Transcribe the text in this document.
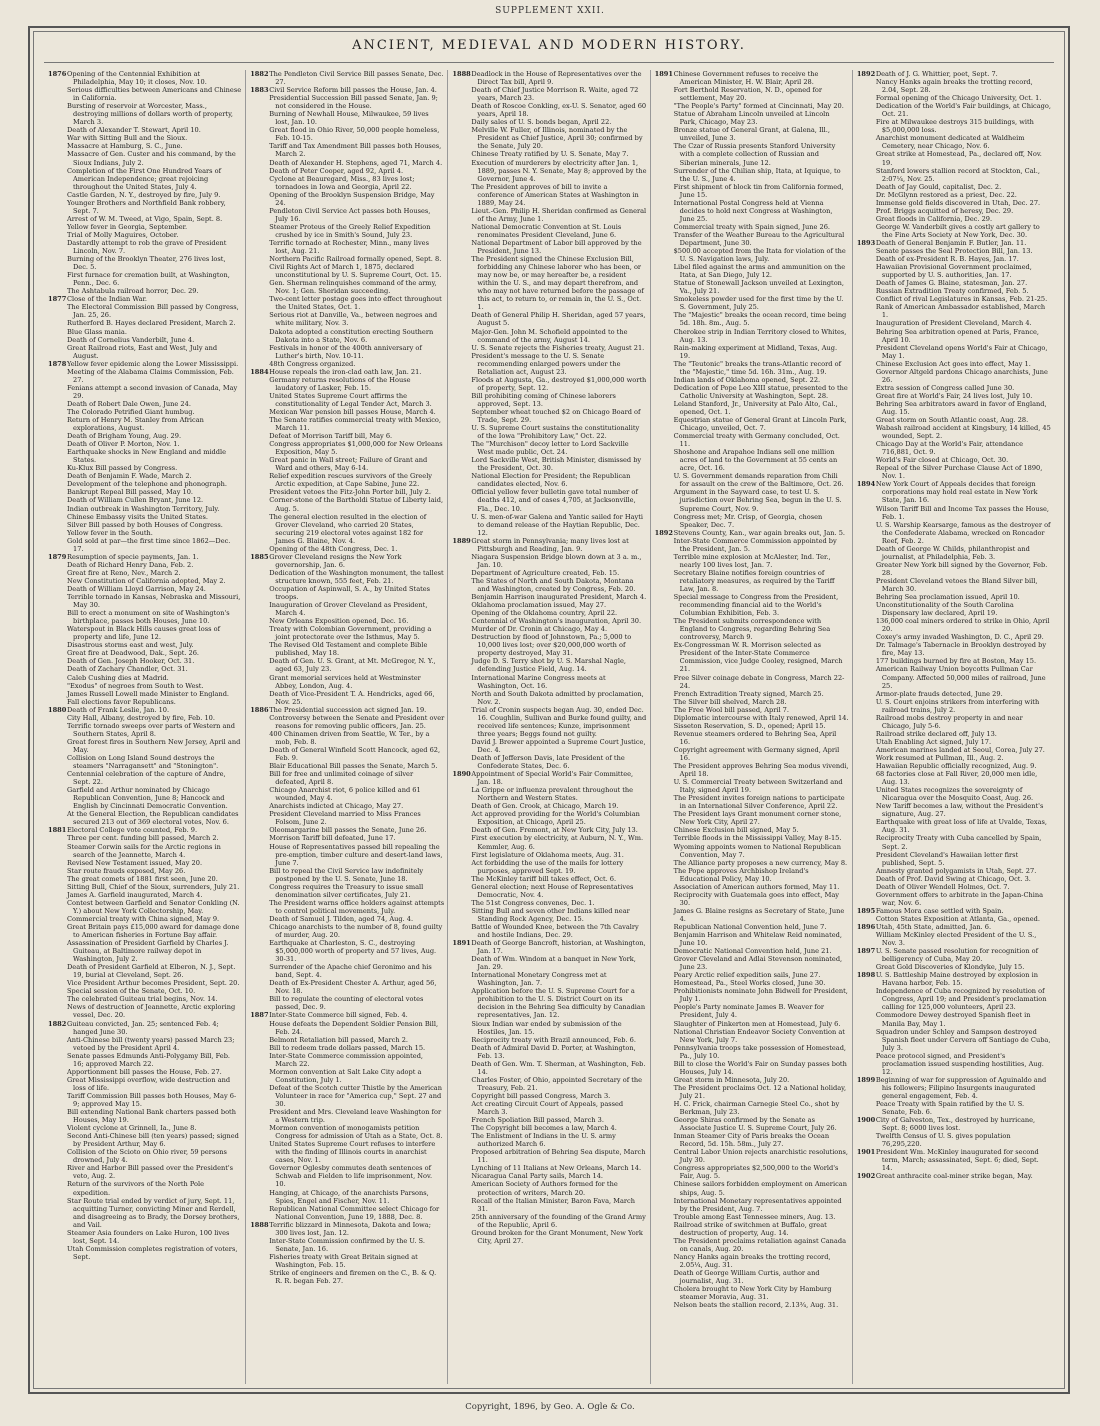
SUPPLEMENT XXII.
ANCIENT, MEDIEVAL AND MODERN HISTORY.
1876 Opening of the Centennial Exhibition at Philadelphia, May 10; it closes, Nov. 10.
Serious difficulties between Americans and Chinese in California.
Bursting of reservoir at Worcester, Mass., destroying millions of dollars worth of property, March 3.
Death of Alexander T. Stewart, April 10.
War with Sitting Bull and the Sioux.
Massacre at Hamburg, S. C., June.
Massacre of Gen. Custer and his command, by the Sioux Indians, July 2.
Completion of the First One Hundred Years of American Independence; great rejoicing throughout the United States, July 4.
Castle Garden, N. Y., destroyed by fire, July 9.
Younger Brothers and Northfield Bank robbery, Sept. 7.
Arrest of W. M. Tweed, at Vigo, Spain, Sept. 8.
Yellow fever in Georgia, September.
Trial of Molly Maguires, October.
Dastardly attempt to rob the grave of President Lincoln, Nov. 7.
Burning of the Brooklyn Theater, 276 lives lost, Dec. 5.
First furnace for cremation built, at Washington, Penn., Dec. 6.
The Ashtabula railroad horror, Dec. 29.
1877 Close of the Indian War.
The Electoral Commission Bill passed by Congress, Jan. 25, 26.
Rutherford B. Hayes declared President, March 2.
Blue Glass mania.
Death of Cornelius Vanderbilt, June 4.
Great Railroad riots, East and West, July and August.
1878 Yellow fever epidemic along the Lower Mississippi.
Meeting of the Alabama Claims Commission, Feb. 27.
Fenians attempt a second invasion of Canada, May 29.
Death of Robert Dale Owen, June 24.
The Colorado Petrified Giant humbug.
Return of Henry M. Stanley from African explorations, August.
Death of Brigham Young, Aug. 29.
Death of Oliver P. Morton, Nov. 1.
Earthquake shocks in New England and middle States.
Ku-Klux Bill passed by Congress.
Death of Benjamin F. Wade, March 2.
Development of the telephone and phonograph.
Bankrupt Repeal Bill passed, May 10.
Death of William Cullen Bryant, June 12.
Indian outbreak in Washington Territory, July.
Chinese Embassy visits the United States.
Silver Bill passed by both Houses of Congress.
Yellow fever in the South.
Gold sold at par—the first time since 1862—Dec. 17.
1879 Resumption of specie payments, Jan. 1.
Death of Richard Henry Dana, Feb. 2.
Great fire at Reno, Nev., March 2.
New Constitution of California adopted, May 2.
Death of William Lloyd Garrison, May 24.
Terrible tornado in Kansas, Nebraska and Missouri, May 30.
Bill to erect a monument on site of Washington's birthplace, passes both Houses, June 10.
Waterspout in Black Hills causes great loss of property and life, June 12.
Disastrous storms east and west, July.
Great fire at Deadwood, Dak., Sept. 26.
Death of Gen. Joseph Hooker, Oct. 31.
Death of Zachary Chandler, Oct. 31.
Caleb Cushing dies at Madrid.
"Exodus" of negroes from South to West.
James Russell Lowell made Minister to England.
Fall elections favor Republicans.
1880 Death of Frank Leslie, Jan. 10.
City Hall, Albany, destroyed by fire, Feb. 10.
Terrific tornado sweeps over parts of Western and Southern States, April 8.
Great forest fires in Southern New Jersey, April and May.
Collision on Long Island Sound destroys the steamers "Narragansett" and "Stonington".
Centennial celebration of the capture of Andre, Sept. 22.
Garfield and Arthur nominated by Chicago Republican Convention, June 8; Hancock and English by Cincinnati Democratic Convention.
At the General Election, the Republican candidates secured 213 out of 369 electoral votes, Nov. 6.
1881 Electoral College vote counted, Feb. 9.
Three per cent. funding bill passed, March 2.
Steamer Corwin sails for the Arctic regions in search of the Jeannette, March 4.
Revised New Testament issued, May 20.
Star route frauds exposed, May 26.
The great comets of 1881 first seen, June 20.
Sitting Bull, Chief of the Sioux, surrenders, July 21.
James A. Garfield inaugurated, March 4.
Contest between Garfield and Senator Conkling (N. Y.) about New York Collectorship, May.
Commercial treaty with China signed, May 9.
Great Britain pays £15,000 award for damage done to American fisheries in Fortune Bay affair.
Assassination of President Garfield by Charles J. Guiteau, at Baltimore railway depot in Washington, July 2.
Death of President Garfield at Elberon, N. J., Sept. 19, burial at Cleveland, Sept. 26.
Vice President Arthur becomes President, Sept. 20.
Special session of the Senate, Oct. 10.
The celebrated Guiteau trial begins, Nov. 14.
News of destruction of Jeannette, Arctic exploring vessel, Dec. 20.
1882 Guiteau convicted, Jan. 25; sentenced Feb. 4; hanged June 30.
Anti-Chinese bill (twenty years) passed March 23; vetoed by the President April 4.
Senate passes Edmunds Anti-Polygamy Bill, Feb. 16; approved March 22.
Apportionment bill passes the House, Feb. 27.
Great Mississippi overflow, wide destruction and loss of life.
Tariff Commission Bill passes both Houses, May 6-9; approved May 15.
Bill extending National Bank charters passed both Houses, May 19.
Violent cyclone at Grinnell, Ia., June 8.
Second Anti-Chinese bill (ten years) passed; signed by President Arthur, May 6.
Collision of the Scioto on Ohio river, 59 persons drowned, July 4.
River and Harbor Bill passed over the President's veto, Aug. 2.
Return of the survivors of the North Pole expedition.
Star Route trial ended by verdict of jury, Sept. 11, acquitting Turner, convicting Miner and Rerdell, and disagreeing as to Brady, the Dorsey brothers, and Vail.
Steamer Asia founders on Lake Huron, 100 lives lost, Sept. 14.
Utah Commission completes registration of voters, Sept.
1882 The Pendleton Civil Service Bill passes Senate, Dec. 27.
1883 Civil Service Reform bill passes the House, Jan. 4.
Presidential Succession Bill passed Senate, Jan. 9; not considered in the House.
Burning of Newhall House, Milwaukee, 59 lives lost, Jan. 10.
Great flood in Ohio River, 50,000 people homeless, Feb. 10-15.
Tariff and Tax Amendment Bill passes both Houses, March 2.
Death of Alexander H. Stephens, aged 71, March 4.
Death of Peter Cooper, aged 92, April 4.
Cyclone at Beauregard, Miss., 83 lives lost; tornadoes in Iowa and Georgia, April 22.
Opening of the Brooklyn Suspension Bridge, May 24.
Pendleton Civil Service Act passes both Houses, July 16.
Steamer Proteus of the Greely Relief Expedition crushed by ice in Smith's Sound, July 23.
Terrific tornado at Rochester, Minn., many lives lost, Aug. 21.
Northern Pacific Railroad formally opened, Sept. 8.
Civil Rights Act of March 1, 1875, declared unconstitutional by U. S. Supreme Court, Oct. 15.
Gen. Sherman relinquishes command of the army, Nov. 1; Gen. Sheridan succeeding.
Two-cent letter postage goes into effect throughout the United States, Oct. 1.
Serious riot at Danville, Va., between negroes and white military, Nov. 3.
Dakota adopted a constitution erecting Southern Dakota into a State, Nov. 6.
Festivals in honor of the 400th anniversary of Luther's birth, Nov. 10-11.
48th Congress organized.
1884 House repeals the iron-clad oath law, Jan. 21.
Germany returns resolutions of the House laudatory of Lasker, Feb. 15.
United States Supreme Court affirms the constitutionality of Legal Tender Act, March 3.
Mexican War pension bill passes House, March 4.
The Senate ratifies commercial treaty with Mexico, March 11.
Defeat of Morrison Tariff bill, May 6.
Congress appropriates $1,000,000 for New Orleans Exposition, May 5.
Great panic in Wall street; Failure of Grant and Ward and others, May 6-14.
Relief expedition rescues survivors of the Greely Arctic expedition, at Cape Sabine, June 22.
President vetoes the Fitz-John Porter bill, July 2.
Corner-stone of the Bartholdi Statue of Liberty laid, Aug. 5.
The general election resulted in the election of Grover Cleveland, who carried 20 States, securing 219 electoral votes against 182 for James G. Blaine, Nov. 4.
Opening of the 48th Congress, Dec. 1.
1885 Grover Cleveland resigns the New York governorship, Jan. 6.
Dedication of the Washington monument, the tallest structure known, 555 feet, Feb. 21.
Occupation of Aspinwall, S. A., by United States troops.
Inauguration of Grover Cleveland as President, March 4.
New Orleans Exposition opened, Dec. 16.
Treaty with Colombian Government, providing a joint protectorate over the Isthmus, May 5.
The Revised Old Testament and complete Bible published, May 18.
Death of Gen. U. S. Grant, at Mt. McGregor, N. Y., aged 63, July 23.
Grant memorial services held at Westminster Abbey, London, Aug. 4.
Death of Vice-President T. A. Hendricks, aged 66, Nov. 25.
1886 The Presidential succession act signed Jan. 19.
Controversy between the Senate and President over reasons for removing public officers, Jan. 25.
400 Chinamen driven from Seattle, W. Ter., by a mob, Feb. 8.
Death of General Winfield Scott Hancock, aged 62, Feb. 9.
Blair Educational Bill passes the Senate, March 5.
Bill for free and unlimited coinage of silver defeated, April 8.
Chicago Anarchist riot, 6 police killed and 61 wounded, May 4.
Anarchists indicted at Chicago, May 27.
President Cleveland married to Miss Frances Folsom, June 2.
Oleomargarine bill passes the Senate, June 26.
Morrison Tariff bill defeated, June 17.
House of Representatives passed bill repealing the pre-emption, timber culture and desert-land laws, June 7.
Bill to repeal the Civil Service law indefinitely postponed by the U. S. Senate, June 18.
Congress requires the Treasury to issue small denomination silver certificates, July 21.
The President warns office holders against attempts to control political movements, July.
Death of Samuel J. Tilden, aged 74, Aug. 4.
Chicago anarchists to the number of 8, found guilty of murder, Aug. 20.
Earthquake at Charleston, S. C., destroying $5,000,000 worth of property and 57 lives, Aug. 30-31.
Surrender of the Apache chief Geronimo and his band, Sept. 4.
Death of Ex-President Chester A. Arthur, aged 56, Nov. 18.
Bill to regulate the counting of electoral votes passed, Dec. 9.
1887 Inter-State Commerce bill signed, Feb. 4.
House defeats the Dependent Soldier Pension Bill, Feb. 24.
Belmont Retaliation bill passed, March 2.
Bill to redeem trade dollars passed, March 15.
Inter-State Commerce commission appointed, March 22.
Mormon convention at Salt Lake City adopt a Constitution, July 1.
Defeat of the Scotch cutter Thistle by the American Volunteer in race for "America cup," Sept. 27 and 30.
President and Mrs. Cleveland leave Washington for a Western trip.
Mormon convention of monogamists petition Congress for admission of Utah as a State, Oct. 8.
United States Supreme Court refuses to interfere with the finding of Illinois courts in anarchist cases, Nov. 1.
Governor Oglesby commutes death sentences of Schwab and Fielden to life imprisonment, Nov. 10.
Hanging, at Chicago, of the anarchists Parsons, Spies, Engel and Fischer, Nov. 11.
Republican National Committee select Chicago for National Convention, June 19, 1888, Dec. 8.
1888 Terrific blizzard in Minnesota, Dakota and Iowa; 300 lives lost, Jan. 12.
Inter-State Commission confirmed by the U. S. Senate, Jan. 16.
Fisheries treaty with Great Britain signed at Washington, Feb. 15.
Strike of engineers and firemen on the C., B. & Q. R. R. began Feb. 27.
1888 Deadlock in the House of Representatives over the Direct Tax bill, April 9.
Death of Chief Justice Morrison R. Waite, aged 72 years, March 23.
Death of Roscoe Conkling, ex-U. S. Senator, aged 60 years, April 18.
Daily sales of U. S. bonds began, April 22.
Melville W. Fuller, of Illinois, nominated by the President as Chief Justice, April 30; confirmed by the Senate, July 20.
Chinese Treaty ratified by U. S. Senate, May 7.
Execution of murderers by electricity after Jan. 1, 1889, passes N. Y. Senate, May 8; approved by the Governor, June 4.
The President approves of bill to invite a conference of American States at Washington in 1889, May 24.
Lieut.-Gen. Philip H. Sheridan confirmed as General of the Army, June 1.
National Democratic Convention at St. Louis renominates President Cleveland, June 6.
National Department of Labor bill approved by the President, June 13.
The President signed the Chinese Exclusion Bill, forbidding any Chinese laborer who has been, or may now be, or may hereafter be, a resident within the U. S., and may depart therefrom, and who may not have returned before the passage of this act, to return to, or remain in, the U. S., Oct. 1.
Death of General Philip H. Sheridan, aged 57 years, August 5.
Major-Gen. John M. Schofield appointed to the command of the army, August 14.
U. S. Senate rejects the Fisheries treaty, August 21.
President's message to the U. S. Senate recommending enlarged powers under the Retaliation act, August 23.
Floods at Augusta, Ga., destroyed $1,000,000 worth of property, Sept. 12.
Bill prohibiting coming of Chinese laborers approved, Sept. 13.
September wheat touched $2 on Chicago Board of Trade, Sept. 29.
U. S. Supreme Court sustains the constitutionality of the Iowa "Prohibitory Law," Oct. 22.
The "Murchison" decoy letter to Lord Sackville West made public, Oct. 24.
Lord Sackville West, British Minister, dismissed by the President, Oct. 30.
National Election for President; the Republican candidates elected, Nov. 6.
Official yellow fever bulletin gave total number of deaths 412, and of cases 4,705, at Jacksonville, Fla., Dec. 10.
U. S. men-of-war Galena and Yantic sailed for Hayti to demand release of the Haytian Republic, Dec. 12.
1889 Great storm in Pennsylvania; many lives lost at Pittsburgh and Reading, Jan. 9.
Niagara Suspension Bridge blown down at 3 a. m., Jan. 10.
Department of Agriculture created, Feb. 15.
The States of North and South Dakota, Montana and Washington, created by Congress, Feb. 20.
Benjamin Harrison inaugurated President, March 4.
Oklahoma proclamation issued, May 27.
Opening of the Oklahoma country, April 22.
Centennial of Washington's inauguration, April 30.
Murder of Dr. Cronin at Chicago, May 4.
Destruction by flood of Johnstown, Pa.; 5,000 to 10,000 lives lost; over $20,000,000 worth of property destroyed, May 31.
Judge D. S. Terry shot by U. S. Marshal Nagle, defending Justice Field, Aug. 14.
International Marine Congress meets at Washington, Oct. 16.
North and South Dakota admitted by proclamation, Nov. 2.
Trial of Cronin suspects began Aug. 30, ended Dec. 16. Coughlin, Sullivan and Burke found guilty, and received life sentences; Kunze, imprisonment three years; Beggs found not guilty.
David J. Brewer appointed a Supreme Court Justice, Dec. 4.
Death of Jefferson Davis, late President of the Confederate States, Dec. 6.
1890 Appointment of Special World's Fair Committee, Jan. 18.
La Grippe or influenza prevalent throughout the Northern and Western States.
Death of Gen. Crook, at Chicago, March 19.
Act approved providing for the World's Columbian Exposition, at Chicago, April 25.
Death of Gen. Fremont, at New York City, July 13.
First execution by electricity, at Auburn, N. Y., Wm. Kemmler, Aug. 6.
First legislature of Oklahoma meets, Aug. 31.
Act forbidding the use of the mails for lottery purposes, approved Sept. 19.
The McKinley tariff bill takes effect, Oct. 6.
General election; next House of Representatives Democratic, Nov. 4.
The 51st Congress convenes, Dec. 1.
Sitting Bull and seven other Indians killed near Standing Rock Agency, Dec. 15.
Battle of Wounded Knee, between the 7th Cavalry and hostile Indians, Dec. 29.
1891 Death of George Bancroft, historian, at Washington, Jan. 17.
Death of Wm. Windom at a banquet in New York, Jan. 29.
International Monetary Congress met at Washington, Jan. 7.
Application before the U. S. Supreme Court for a prohibition to the U. S. District Court on its decision in the Behring Sea difficulty by Canadian representatives, Jan. 12.
Sioux Indian war ended by submission of the Hostiles, Jan. 15.
Reciprocity treaty with Brazil announced, Feb. 6.
Death of Admiral David D. Porter, at Washington, Feb. 13.
Death of Gen. Wm. T. Sherman, at Washington, Feb. 14.
Charles Foster, of Ohio, appointed Secretary of the Treasury, Feb. 21.
Copyright bill passed Congress, March 3.
Act creating Circuit Court of Appeals, passed March 3.
French Spoliation Bill passed, March 3.
The Copyright bill becomes a law, March 4.
The Enlistment of Indians in the U. S. army authorized March 6.
Proposed arbitration of Behring Sea dispute, March 11.
Lynching of 11 Italians at New Orleans, March 14.
Nicaragua Canal Party sails, March 14.
American Society of Authors formed for the protection of writers, March 20.
Recall of the Italian Minister, Baron Fava, March 31.
25th anniversary of the founding of the Grand Army of the Republic, April 6.
Ground broken for the Grant Monument, New York City, April 27.
1891 Chinese Government refuses to receive the American Minister, H. W. Blair, April 28.
Fort Berthold Reservation, N. D., opened for settlement, May 20.
"The People's Party" formed at Cincinnati, May 20.
Statue of Abraham Lincoln unveiled at Lincoln Park, Chicago, May 23.
Bronze statue of General Grant, at Galena, Ill., unveiled, June 3.
The Czar of Russia presents Stanford University with a complete collection of Russian and Siberian minerals, June 12.
Surrender of the Chilian ship, Itata, at Iquique, to the U. S., June 4.
First shipment of block tin from California formed, June 15.
International Postal Congress held at Vienna decides to hold next Congress at Washington, June 25.
Commercial treaty with Spain signed, June 26.
Transfer of the Weather Bureau to the Agricultural Department, June 30.
$500.00 accepted from the Itata for violation of the U. S. Navigation laws, July.
Libel filed against the arms and ammunition on the Itata, at San Diego, July 12.
Statue of Stonewall Jackson unveiled at Lexington, Va., July 21.
Smokeless powder used for the first time by the U. S. Government, July 25.
The "Majestic" breaks the ocean record, time being 5d. 18h. 8m., Aug. 5.
Cherokee strip in Indian Territory closed to Whites, Aug. 13.
Rain-making experiment at Midland, Texas, Aug. 19.
The "Teutonic" breaks the trans-Atlantic record of the "Majestic," time 5d. 16h. 31m., Aug. 19.
Indian lands of Oklahoma opened, Sept. 22.
Dedication of Pope Leo XIII statue, presented to the Catholic University at Washington, Sept. 28.
Leland Stanford, Jr., University at Palo Alto, Cal., opened, Oct. 1.
Equestrian statue of General Grant at Lincoln Park, Chicago, unveiled, Oct. 7.
Commercial treaty with Germany concluded, Oct. 11.
Shoshone and Arapahoe Indians sell one million acres of land to the Government at 55 cents an acre, Oct. 16.
U. S. Government demands reparation from Chili for assault on the crew of the Baltimore, Oct. 26.
Argument in the Sayward case, to test U. S. jurisdiction over Behring Sea, begun in the U. S. Supreme Court, Nov. 9.
Congress met; Mr. Crisp, of Georgia, chosen Speaker, Dec. 7.
1892 Stevens County, Kan., war again breaks out, Jan. 5.
Inter-State Commerce Commission appointed by the President, Jan. 5.
Terrible mine explosion at McAlester, Ind. Ter., nearly 100 lives lost, Jan. 7.
Secretary Blaine notifies foreign countries of retaliatory measures, as required by the Tariff Law, Jan. 8.
Special message to Congress from the President, recommending financial aid to the World's Columbian Exhibition, Feb. 3.
The President submits correspondence with England to Congress, regarding Behring Sea controversy, March 9.
Ex-Congressman W. R. Morrison selected as President of the Inter-State Commerce Commission, vice Judge Cooley, resigned, March 21.
Free Silver coinage debate in Congress, March 22-24.
French Extradition Treaty signed, March 25.
The Silver bill shelved, March 28.
The Free Wool bill passed, April 7.
Diplomatic intercourse with Italy renewed, April 14.
Sisseton Reservation, S. D., opened; April 15.
Revenue steamers ordered to Behring Sea, April 16.
Copyright agreement with Germany signed, April 16.
The President approves Behring Sea modus vivendi, April 18.
U. S. Commercial Treaty between Switzerland and Italy, signed April 19.
The President invites foreign nations to participate in an International Silver Conference, April 22.
The President lays Grant monument corner stone, New York City, April 27.
Chinese Exclusion bill signed, May 5.
Terrible floods in the Mississippi Valley, May 8-15.
Wyoming appoints women to National Republican Convention, May 7.
The Alliance party proposes a new currency, May 8.
The Pope approves Archbishop Ireland's Educational Policy, May 10.
Association of American authors formed, May 11.
Reciprocity with Guatemala goes into effect, May 30.
James G. Blaine resigns as Secretary of State, June 4.
Republican National Convention held, June 7.
Benjamin Harrison and Whitelaw Reid nominated, June 10.
Democratic National Convention held, June 21.
Grover Cleveland and Adlai Stevenson nominated, June 23.
Peary Arctic relief expedition sails, June 27.
Homestead, Pa., Steel Works closed, June 30.
Prohibitionists nominate John Bidwell for President, July 1.
People's Party nominate James B. Weaver for President, July 4.
Slaughter of Pinkerton men at Homestead, July 6.
National Christian Endeavor Society Convention at New York, July 7.
Pennsylvania troops take possession of Homestead, Pa., July 10.
Bill to close the World's Fair on Sunday passes both Houses, July 14.
Great storm in Minnesota, July 20.
The President proclaims Oct. 12 a National holiday, July 21.
H. C. Frick, chairman Carnegie Steel Co., shot by Berkman, July 23.
George Shiras confirmed by the Senate as Associate Justice U. S. Supreme Court, July 26.
Inman Steamer City of Paris breaks the Ocean Record, 5d. 15h. 58m., July 27.
Central Labor Union rejects anarchistic resolutions, July 30.
Congress appropriates $2,500,000 to the World's Fair, Aug. 5.
Chinese sailors forbidden employment on American ships, Aug. 5.
International Monetary representatives appointed by the President, Aug. 7.
Trouble among East Tennessee miners, Aug. 13.
Railroad strike of switchmen at Buffalo, great destruction of property, Aug. 14.
The President proclaims retaliation against Canada on canals, Aug. 20.
Nancy Hanks again breaks the trotting record, 2.05¼, Aug. 31.
Death of George William Curtis, author and journalist, Aug. 31.
Cholera brought to New York City by Hamburg steamer Moravia, Aug. 31.
Nelson beats the stallion record, 2.13¾, Aug. 31.
1892 Death of J. G. Whittier, poet, Sept. 7.
Nancy Hanks again breaks the trotting record, 2.04, Sept. 28.
Formal opening of the Chicago University, Oct. 1.
Dedication of the World's Fair buildings, at Chicago, Oct. 21.
Fire at Milwaukee destroys 315 buildings, with $5,000,000 loss.
Anarchist monument dedicated at Waldheim Cemetery, near Chicago, Nov. 6.
Great strike at Homestead, Pa., declared off, Nov. 19.
Stanford lowers stallion record at Stockton, Cal., 2:07¼, Nov. 25.
Death of Jay Gould, capitalist, Dec. 2.
Dr. McGlynn restored as a priest, Dec. 22.
Immense gold fields discovered in Utah, Dec. 27.
Prof. Briggs acquitted of heresy, Dec. 29.
Great floods in California, Dec. 29.
George W. Vanderbilt gives a costly art gallery to the Fine Arts Society at New York, Dec. 30.
1893 Death of General Benjamin F. Butler, Jan. 11.
Senate passes the Seal Protection Bill, Jan. 13.
Death of ex-President R. B. Hayes, Jan. 17.
Hawaiian Provisional Government proclaimed, supported by U. S. authorities, Jan. 17.
Death of James G. Blaine, statesman, Jan. 27.
Russian Extradition Treaty confirmed, Feb. 5.
Conflict of rival Legislatures in Kansas, Feb. 21-25.
Rank of American Ambassador established, March 1.
Inauguration of President Cleveland, March 4.
Behring Sea arbitration opened at Paris, France, April 10.
President Cleveland opens World's Fair at Chicago, May 1.
Chinese Exclusion Act goes into effect, May 1.
Governor Altgeld pardons Chicago anarchists, June 26.
Extra session of Congress called June 30.
Great fire at World's Fair, 24 lives lost, July 10.
Behring Sea arbitrators award in favor of England, Aug. 15.
Great storm on South Atlantic coast, Aug. 28.
Wabash railroad accident at Kingsbury, 14 killed, 45 wounded, Sept. 2.
Chicago Day at the World's Fair, attendance 716,881, Oct. 9.
World's Fair closed at Chicago, Oct. 30.
Repeal of the Silver Purchase Clause Act of 1890, Nov. 1.
1894 New York Court of Appeals decides that foreign corporations may hold real estate in New York State, Jan. 16.
Wilson Tariff Bill and Income Tax passes the House, Feb. 1.
U. S. Warship Kearsarge, famous as the destroyer of the Confederate Alabama, wrecked on Roncador Reef, Feb. 2.
Death of George W. Childs, philanthropist and journalist, at Philadelphia, Feb. 3.
Greater New York bill signed by the Governor, Feb. 28.
President Cleveland vetoes the Bland Silver bill, March 30.
Behring Sea proclamation issued, April 10.
Unconstitutionality of the South Carolina Dispensary law declared, April 19.
136,000 coal miners ordered to strike in Ohio, April 20.
Coxey's army invaded Washington, D. C., April 29.
Dr. Talmage's Tabernacle in Brooklyn destroyed by fire, May 13.
177 buildings burned by fire at Boston, May 15.
American Railway Union boycotts Pullman Car Company. Affected 50,000 miles of railroad, June 25.
Armor-plate frauds detected, June 29.
U. S. Court enjoins strikers from interfering with railroad trains, July 2.
Railroad mobs destroy property in and near Chicago, July 5-6.
Railroad strike declared off, July 13.
Utah Enabling Act signed, July 17.
American marines landed at Seoul, Corea, July 27.
Work resumed at Pullman, Ill., Aug. 2.
Hawaiian Republic officially recognized, Aug. 9.
68 factories close at Fall River, 20,000 men idle, Aug. 13.
United States recognizes the sovereignty of Nicaragua over the Mosquito Coast, Aug. 26.
New Tariff becomes a law, without the President's signature, Aug. 27.
Earthquake with great loss of life at Uvalde, Texas, Aug. 31.
Reciprocity Treaty with Cuba cancelled by Spain, Sept. 2.
President Cleveland's Hawaiian letter first published, Sept. 5.
Amnesty granted polygamists in Utah, Sept. 27.
Death of Prof. David Swing at Chicago, Oct. 3.
Death of Oliver Wendell Holmes, Oct. 7.
Government offers to arbitrate in the Japan-China war, Nov. 6.
1895 Famous Mora case settled with Spain.
Cotton States Exposition at Atlanta, Ga., opened.
1896 Utah, 45th State, admitted, Jan. 6.
William McKinley elected President of the U. S., Nov. 3.
1897 U. S. Senate passed resolution for recognition of belligerency of Cuba, May 20.
Great Gold Discoveries of Klondyke, July 15.
1898 U. S. Battleship Maine destroyed by explosion in Havana harbor, Feb. 15.
Independence of Cuba recognized by resolution of Congress, April 19; and President's proclamation calling for 125,000 volunteers, April 23.
Commodore Dewey destroyed Spanish fleet in Manila Bay, May 1.
Squadron under Schley and Sampson destroyed Spanish fleet under Cervera off Santiago de Cuba, July 3.
Peace protocol signed, and President's proclamation issued suspending hostilities, Aug. 12.
1899 Beginning of war for suppression of Aguinaldo and his followers; Filipino Insurgents inaugurated general engagement, Feb. 4.
Peace Treaty with Spain ratified by the U. S. Senate, Feb. 6.
1900 City of Galveston, Tex., destroyed by hurricane, Sept. 8; 6000 lives lost.
Twelfth Census of U. S. gives population 76,295,220.
1901 President Wm. McKinley inaugurated for second term, March; assassinated, Sept. 6; died, Sept. 14.
1902 Great anthracite coal-miner strike began, May.
Copyright, 1896, by Geo. A. Ogle & Co.
